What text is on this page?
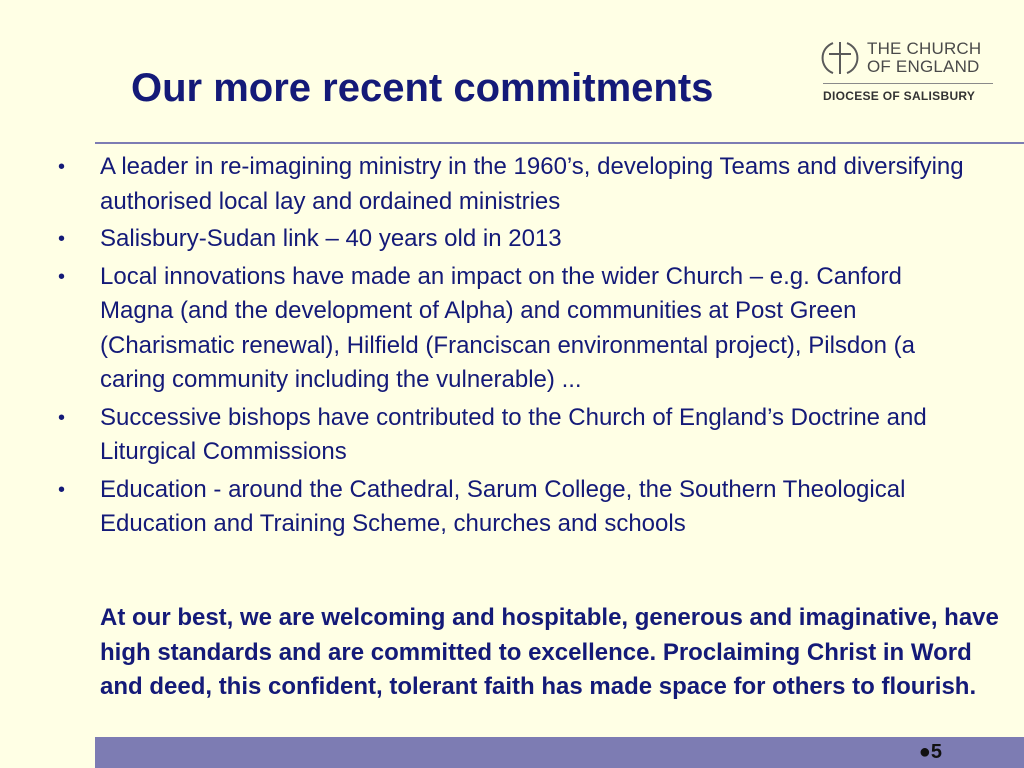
Our more recent commitments
THE CHURCH
OF ENGLAND
DIOCESE OF SALISBURY
• A leader in re-imagining ministry in the 1960’s, developing Teams and diversifying authorised local lay and ordained ministries
• Salisbury-Sudan link – 40 years old in 2013
• Local innovations have made an impact on the wider Church – e.g. Canford Magna (and the development of Alpha) and communities at Post Green (Charismatic renewal), Hilfield (Franciscan environmental project), Pilsdon (a caring community including the vulnerable) ...
• Successive bishops have contributed to the Church of England’s Doctrine and Liturgical Commissions
• Education - around the Cathedral, Sarum College, the Southern Theological Education and Training Scheme, churches and schools

At our best, we are welcoming and hospitable, generous and imaginative, have high standards and are committed to excellence. Proclaiming Christ in Word and deed, this confident, tolerant faith has made space for others to flourish.

●5
